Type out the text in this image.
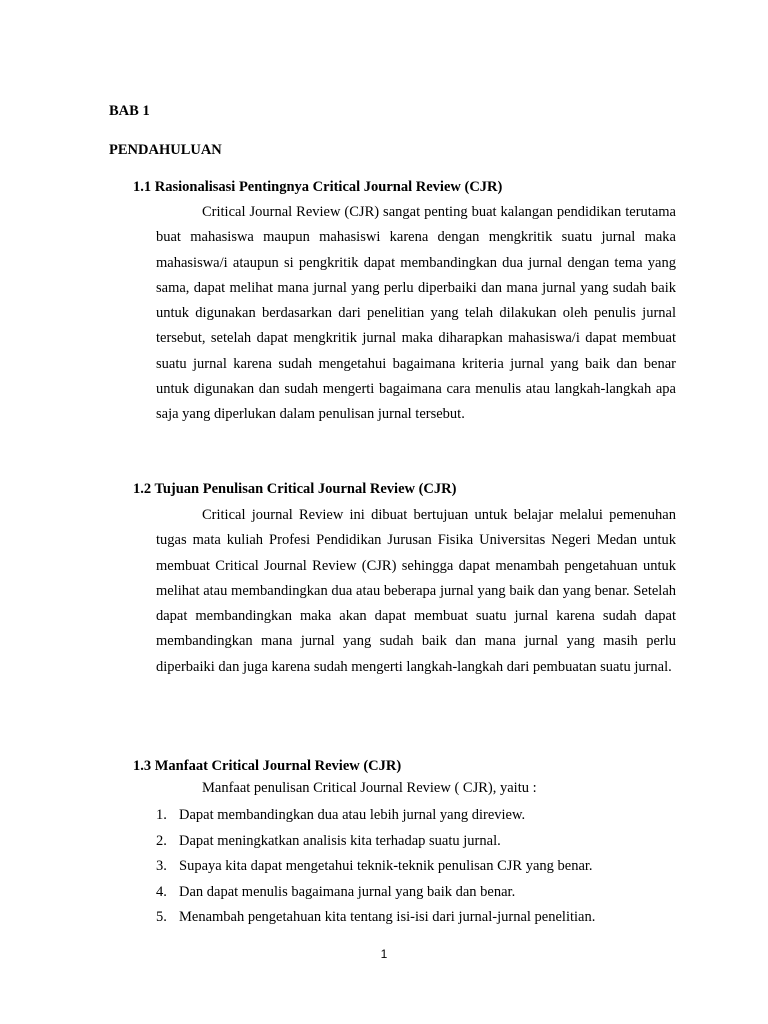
BAB 1

PENDAHULUAN

1.1 Rasionalisasi Pentingnya Critical Journal Review (CJR)

Critical Journal Review (CJR) sangat penting buat kalangan pendidikan terutama buat mahasiswa maupun mahasiswi karena dengan mengkritik suatu jurnal maka mahasiswa/i ataupun si pengkritik dapat membandingkan dua jurnal dengan tema yang sama, dapat melihat mana jurnal yang perlu diperbaiki dan mana jurnal yang sudah baik untuk digunakan berdasarkan dari penelitian yang telah dilakukan oleh penulis jurnal tersebut, setelah dapat mengkritik jurnal maka diharapkan mahasiswa/i dapat membuat suatu jurnal karena sudah mengetahui bagaimana kriteria jurnal yang baik dan benar untuk digunakan dan sudah mengerti bagaimana cara menulis atau langkah-langkah apa saja yang diperlukan dalam penulisan jurnal tersebut.

1.2 Tujuan Penulisan Critical Journal Review (CJR)

Critical journal Review ini dibuat bertujuan untuk belajar melalui pemenuhan tugas mata kuliah Profesi Pendidikan Jurusan Fisika Universitas Negeri Medan untuk membuat Critical Journal Review (CJR) sehingga dapat menambah pengetahuan untuk melihat atau membandingkan dua atau beberapa jurnal yang baik dan yang benar. Setelah dapat membandingkan maka akan dapat membuat suatu jurnal karena sudah dapat membandingkan mana jurnal yang sudah baik dan mana jurnal yang masih perlu diperbaiki dan juga karena sudah mengerti langkah-langkah dari pembuatan suatu jurnal.

1.3 Manfaat Critical Journal Review (CJR)

Manfaat penulisan Critical Journal Review ( CJR), yaitu :

1. Dapat membandingkan dua atau lebih jurnal yang direview.
2. Dapat meningkatkan analisis kita terhadap suatu jurnal.
3. Supaya kita dapat mengetahui teknik-teknik penulisan CJR yang benar.
4. Dan dapat menulis bagaimana jurnal yang baik dan benar.
5. Menambah pengetahuan kita tentang isi-isi dari jurnal-jurnal penelitian.
1
